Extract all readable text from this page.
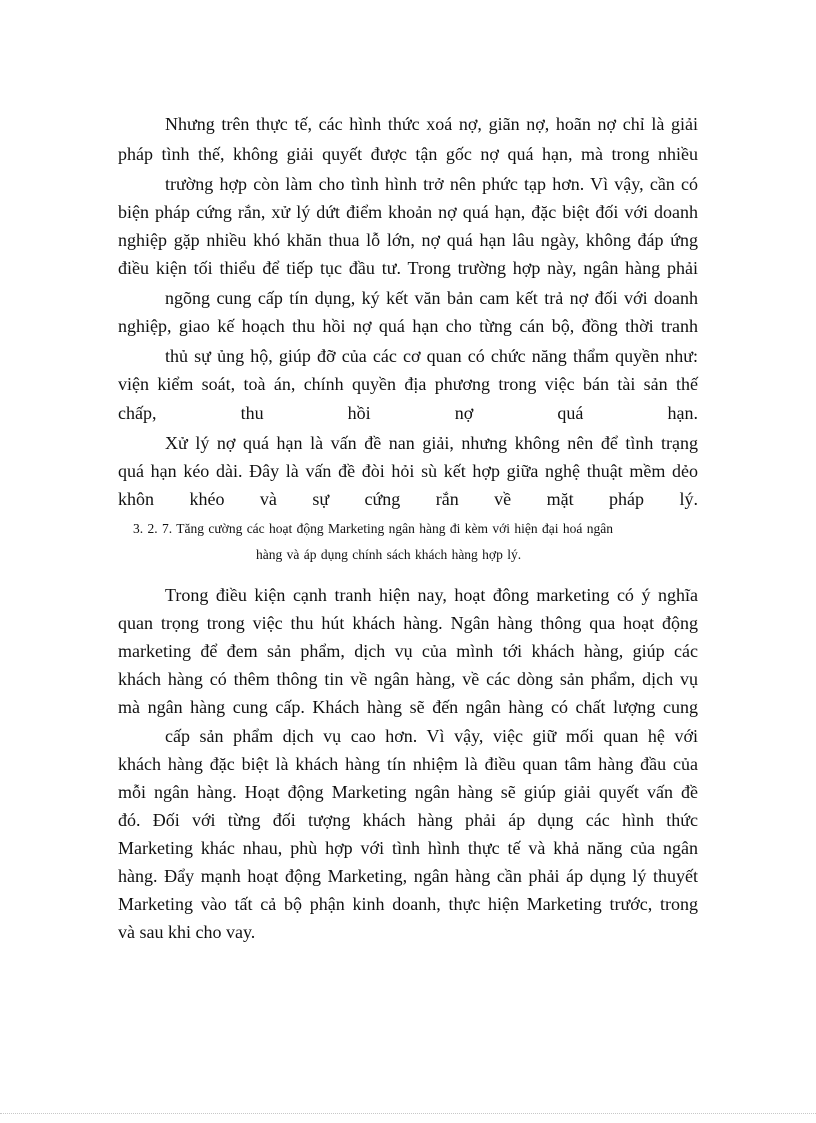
Nhưng trên thực tế, các hình thức xoá nợ, giãn nợ, hoãn nợ chỉ là giải
pháp tình thế, không giải quyết được tận gốc nợ quá hạn, mà trong nhiều
trường hợp còn làm cho tình hình trở nên phức tạp hơn. Vì vậy, cần có
biện pháp cứng rắn, xử lý dứt điểm khoản nợ quá hạn, đặc biệt đối với doanh
nghiệp gặp nhiều khó khăn thua lỗ lớn, nợ quá hạn lâu ngày, không đáp ứng
điều kiện tối thiểu để tiếp tục đầu tư. Trong trường hợp này, ngân hàng phải
ngõng cung cấp tín dụng, ký kết văn bản cam kết trả nợ đối với doanh
nghiệp, giao kế hoạch thu hồi nợ quá hạn cho từng cán bộ, đồng thời tranh
thủ sự ủng hộ, giúp đỡ của các cơ quan có chức năng thẩm quyền như:
viện kiểm soát, toà án, chính quyền địa phương trong việc bán tài sản thế
chấp, thu hồi nợ quá hạn.
Xử lý nợ quá hạn là vấn đề nan giải, nhưng không nên để tình trạng
quá hạn kéo dài. Đây là vấn đề đòi hỏi sù kết hợp giữa nghệ thuật mềm dẻo
khôn khéo và sự cứng rắn về mặt pháp lý.
3. 2. 7. Tăng cường các hoạt động Marketing ngân hàng đi kèm với hiện đại hoá ngân
hàng và áp dụng chính sách khách hàng hợp lý.
Trong điều kiện cạnh tranh hiện nay, hoạt đông marketing có ý nghĩa
quan trọng trong việc thu hút khách hàng. Ngân hàng thông qua hoạt động
marketing để đem sản phẩm, dịch vụ của mình tới khách hàng, giúp các
khách hàng có thêm thông tin về ngân hàng, về các dòng sản phẩm, dịch vụ
mà ngân hàng cung cấp. Khách hàng sẽ đến ngân hàng có chất lượng cung
cấp sản phẩm dịch vụ cao hơn. Vì vậy, việc giữ mối quan hệ với
khách hàng đặc biệt là khách hàng tín nhiệm là điều quan tâm hàng đầu của
mỗi ngân hàng. Hoạt động Marketing ngân hàng sẽ giúp giải quyết vấn đề
đó. Đối với từng đối tượng khách hàng phải áp dụng các hình thức
Marketing khác nhau, phù hợp với tình hình thực tế và khả năng của ngân
hàng. Đẩy mạnh hoạt động Marketing, ngân hàng cần phải áp dụng lý thuyết
Marketing vào tất cả bộ phận kinh doanh, thực hiện Marketing trước, trong
và sau khi cho vay.
